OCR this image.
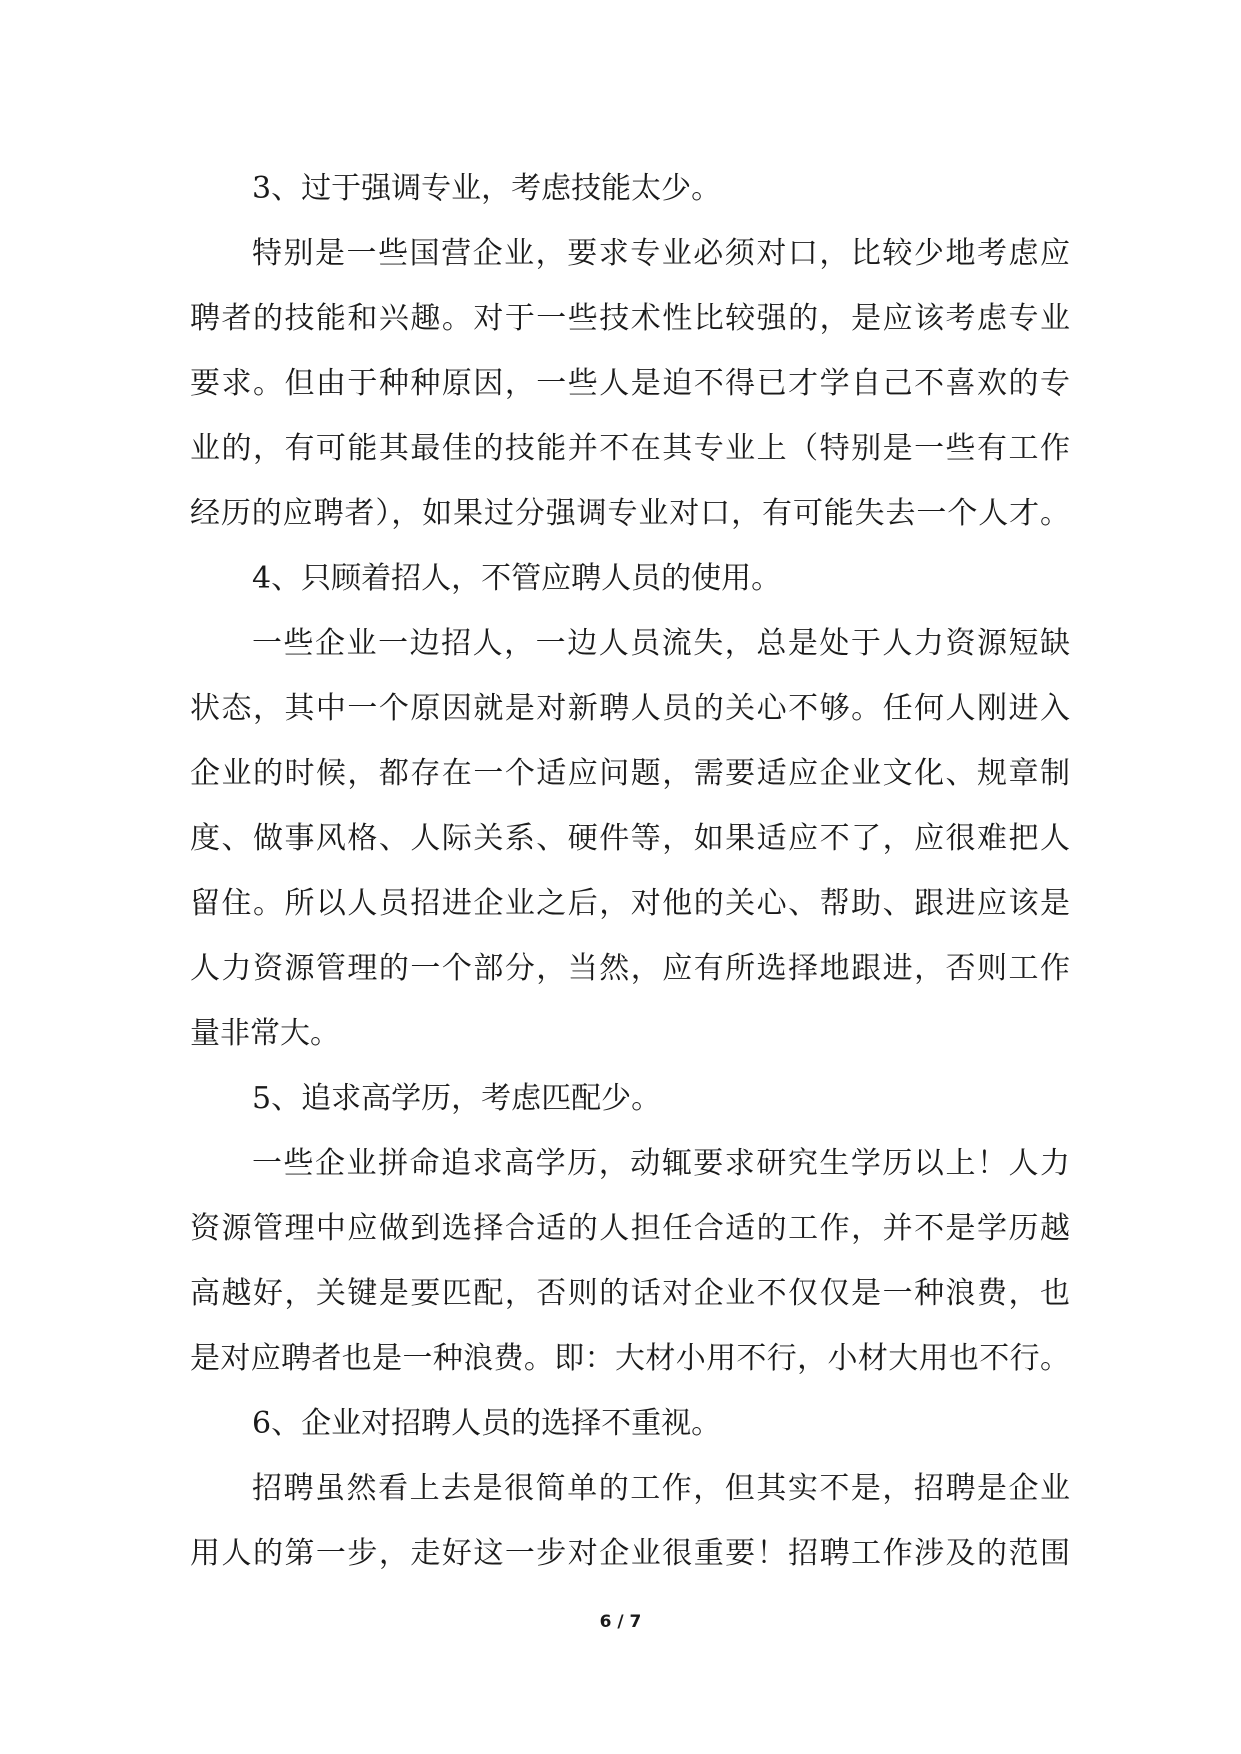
3、过于强调专业，考虑技能太少。
特别是一些国营企业，要求专业必须对口，比较少地考虑应
聘者的技能和兴趣。对于一些技术性比较强的，是应该考虑专业
要求。但由于种种原因，一些人是迫不得已才学自己不喜欢的专
业的，有可能其最佳的技能并不在其专业上（特别是一些有工作
经历的应聘者），如果过分强调专业对口，有可能失去一个人才。
4、只顾着招人，不管应聘人员的使用。
一些企业一边招人，一边人员流失，总是处于人力资源短缺
状态，其中一个原因就是对新聘人员的关心不够。任何人刚进入
企业的时候，都存在一个适应问题，需要适应企业文化、规章制
度、做事风格、人际关系、硬件等，如果适应不了，应很难把人
留住。所以人员招进企业之后，对他的关心、帮助、跟进应该是
人力资源管理的一个部分，当然，应有所选择地跟进，否则工作
量非常大。
5、追求高学历，考虑匹配少。
一些企业拼命追求高学历，动辄要求研究生学历以上！人力
资源管理中应做到选择合适的人担任合适的工作，并不是学历越
高越好，关键是要匹配，否则的话对企业不仅仅是一种浪费，也
是对应聘者也是一种浪费。即：大材小用不行，小材大用也不行。
6、企业对招聘人员的选择不重视。
招聘虽然看上去是很简单的工作，但其实不是，招聘是企业
用人的第一步，走好这一步对企业很重要！招聘工作涉及的范围
6 / 7
